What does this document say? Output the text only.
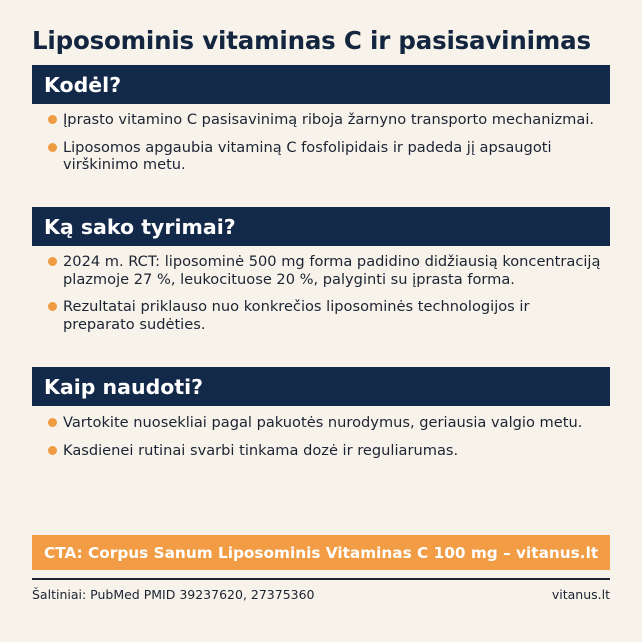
Liposominis vitaminas C ir pasisavinimas
Kodėl?
Įprasto vitamino C pasisavinimą riboja žarnyno transporto mechanizmai.
Liposomos apgaubia vitaminą C fosfolipidais ir padeda jį apsaugoti virškinimo metu.
Ką sako tyrimai?
2024 m. RCT: liposominė 500 mg forma padidino didžiausią koncentraciją plazmoje 27 %, leukocituose 20 %, palyginti su įprasta forma.
Rezultatai priklauso nuo konkrečios liposominės technologijos ir preparato sudėties.
Kaip naudoti?
Vartokite nuosekliai pagal pakuotės nurodymus, geriausia valgio metu.
Kasdienei rutinai svarbi tinkama dozė ir reguliarumas.
CTA: Corpus Sanum Liposominis Vitaminas C 100 mg – vitanus.lt
Šaltiniai: PubMed PMID 39237620, 27375360	vitanus.lt
